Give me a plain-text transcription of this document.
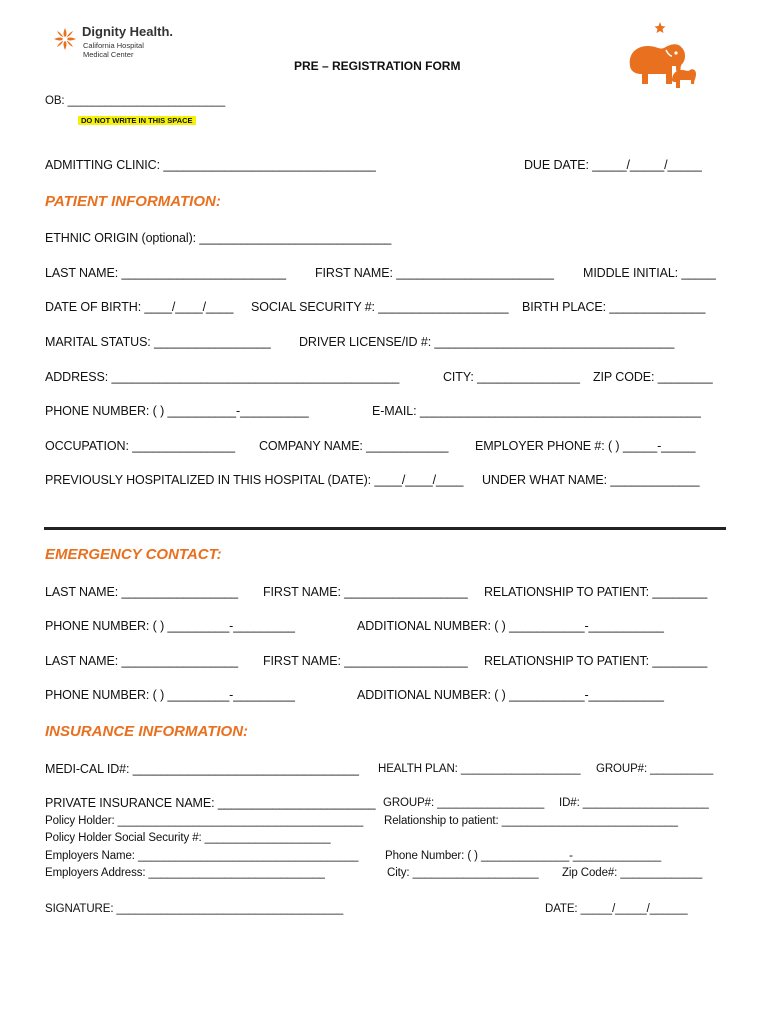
Dignity Health.
California Hospital
Medical Center
PRE – REGISTRATION FORM
OB: _________________________
DO NOT WRITE IN THIS SPACE
ADMITTING CLINIC: _______________________________	DUE DATE: _____/_____/_____
PATIENT INFORMATION:
ETHNIC ORIGIN (optional): ____________________________
LAST NAME: ________________________ FIRST NAME: _______________________ MIDDLE INITIAL: _____
DATE OF BIRTH: ____/____/____ SOCIAL SECURITY #: ___________________ BIRTH PLACE: ______________
MARITAL STATUS: _________________ DRIVER LICENSE/ID #: ___________________________________
ADDRESS: __________________________________________	CITY: _______________ ZIP CODE: ________
PHONE NUMBER: ( ) __________-__________	E-MAIL: _________________________________________
OCCUPATION: _______________ COMPANY NAME: ____________ EMPLOYER PHONE #: ( ) _____-_____
PREVIOUSLY HOSPITALIZED IN THIS HOSPITAL (DATE): ____/____/____ UNDER WHAT NAME: _____________
EMERGENCY CONTACT:
LAST NAME: _________________ FIRST NAME: __________________ RELATIONSHIP TO PATIENT: ________
PHONE NUMBER: ( ) _________-_________	ADDITIONAL NUMBER: ( ) ___________-___________
LAST NAME: _________________ FIRST NAME: __________________ RELATIONSHIP TO PATIENT: ________
PHONE NUMBER: ( ) _________-_________	ADDITIONAL NUMBER: ( ) ___________-___________
INSURANCE INFORMATION:
MEDI-CAL ID#: _________________________________ HEALTH PLAN: ___________________ GROUP#: __________
PRIVATE INSURANCE NAME: _______________________ GROUP#: _________________ ID#: ____________________
Policy Holder: _______________________________________ Relationship to patient: ____________________________
Policy Holder Social Security #: ____________________
Employers Name: ___________________________________ Phone Number: ( ) ______________-______________
Employers Address: ____________________________	City: ____________________ Zip Code#: _____________
SIGNATURE: ____________________________________	DATE: _____/_____/______
